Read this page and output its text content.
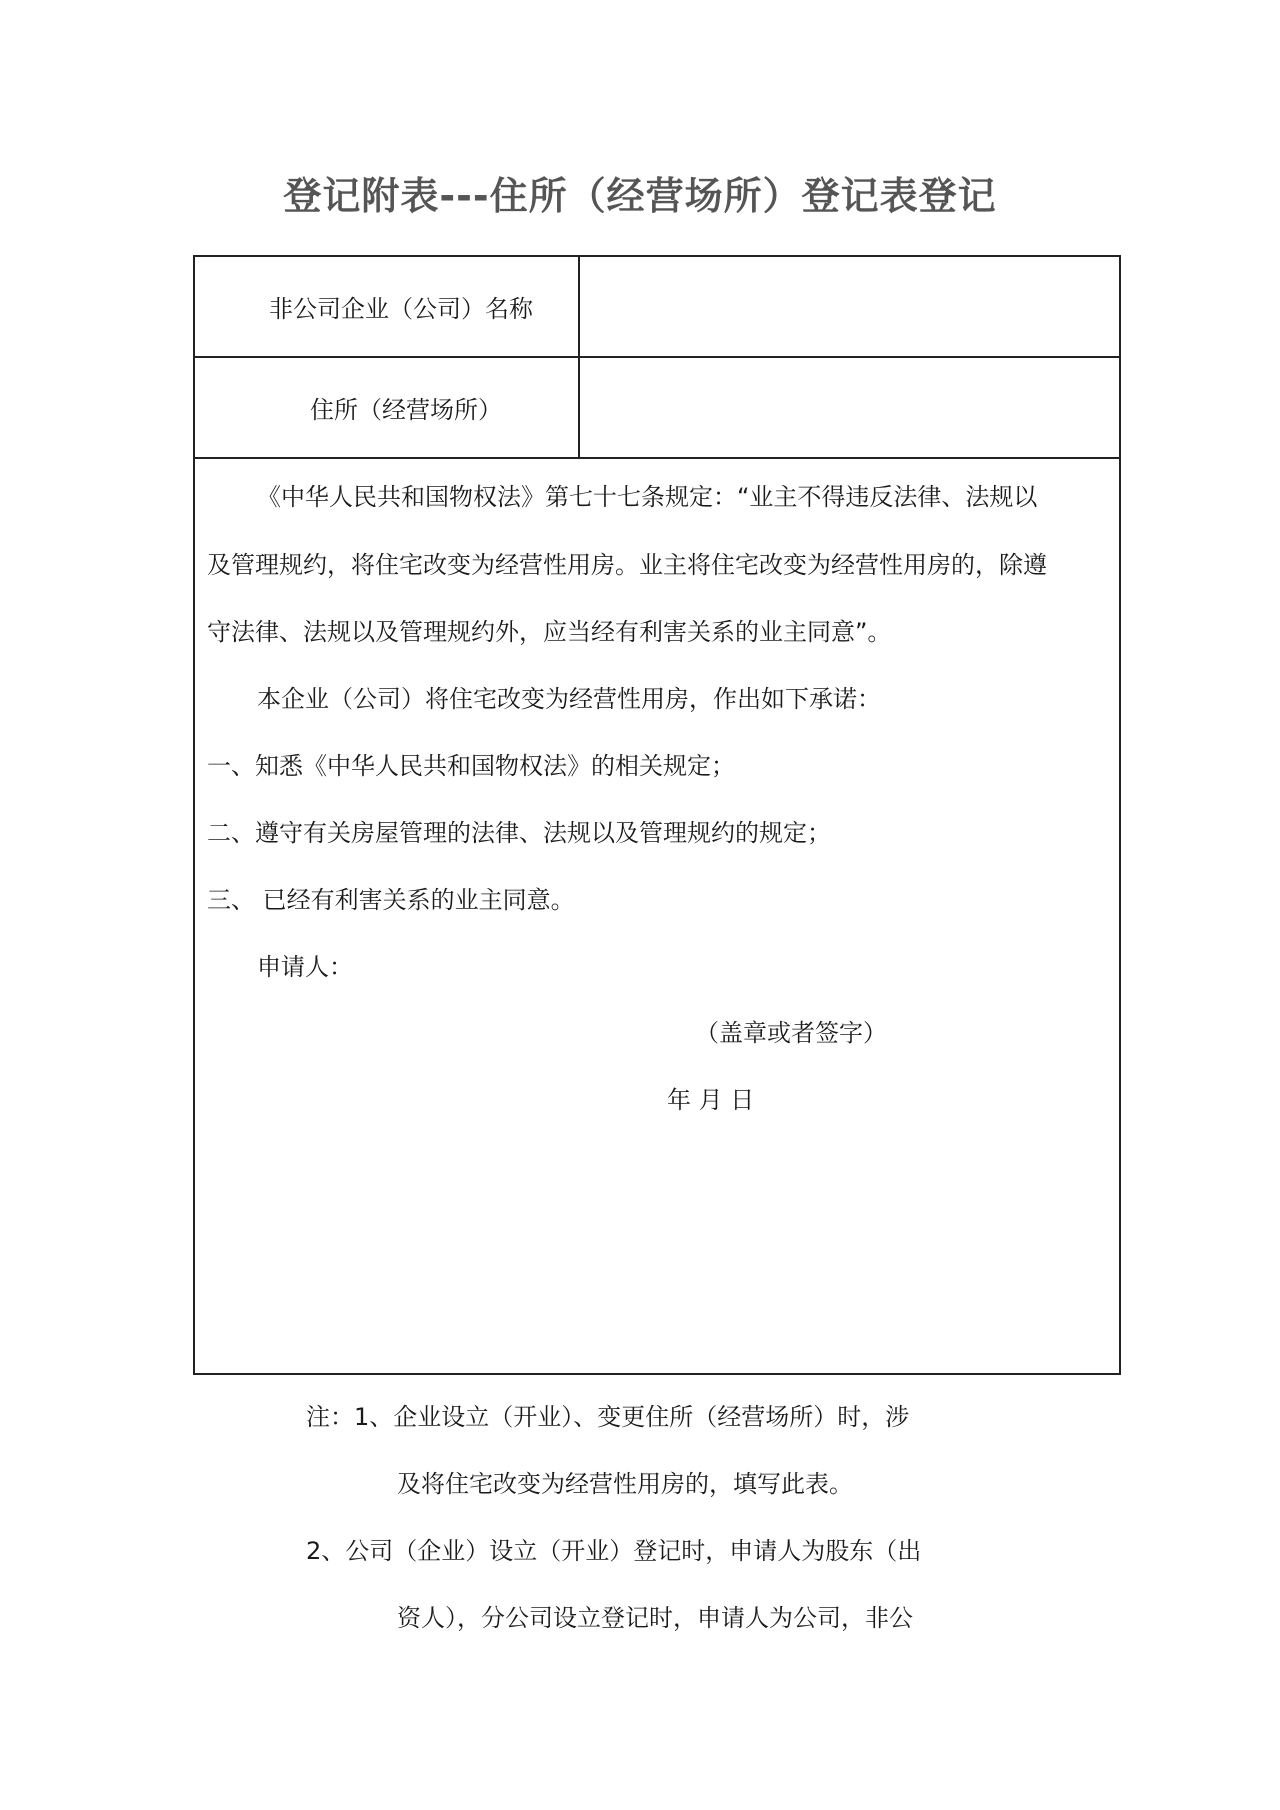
登记附表---住所（经营场所）登记表登记
非公司企业（公司）名称
住所（经营场所）
《中华人民共和国物权法》第七十七条规定：“业主不得违反法律、法规以
及管理规约，将住宅改变为经营性用房。业主将住宅改变为经营性用房的，除遵
守法律、法规以及管理规约外，应当经有利害关系的业主同意”。
本企业（公司）将住宅改变为经营性用房，作出如下承诺：
一、知悉《中华人民共和国物权法》的相关规定；
二、遵守有关房屋管理的法律、法规以及管理规约的规定；
三、 已经有利害关系的业主同意。
申请人：
（盖章或者签字）
年 月 日
注：1、企业设立（开业）、变更住所（经营场所）时，涉
及将住宅改变为经营性用房的，填写此表。
2、公司（企业）设立（开业）登记时，申请人为股东（出
资人），分公司设立登记时，申请人为公司，非公
